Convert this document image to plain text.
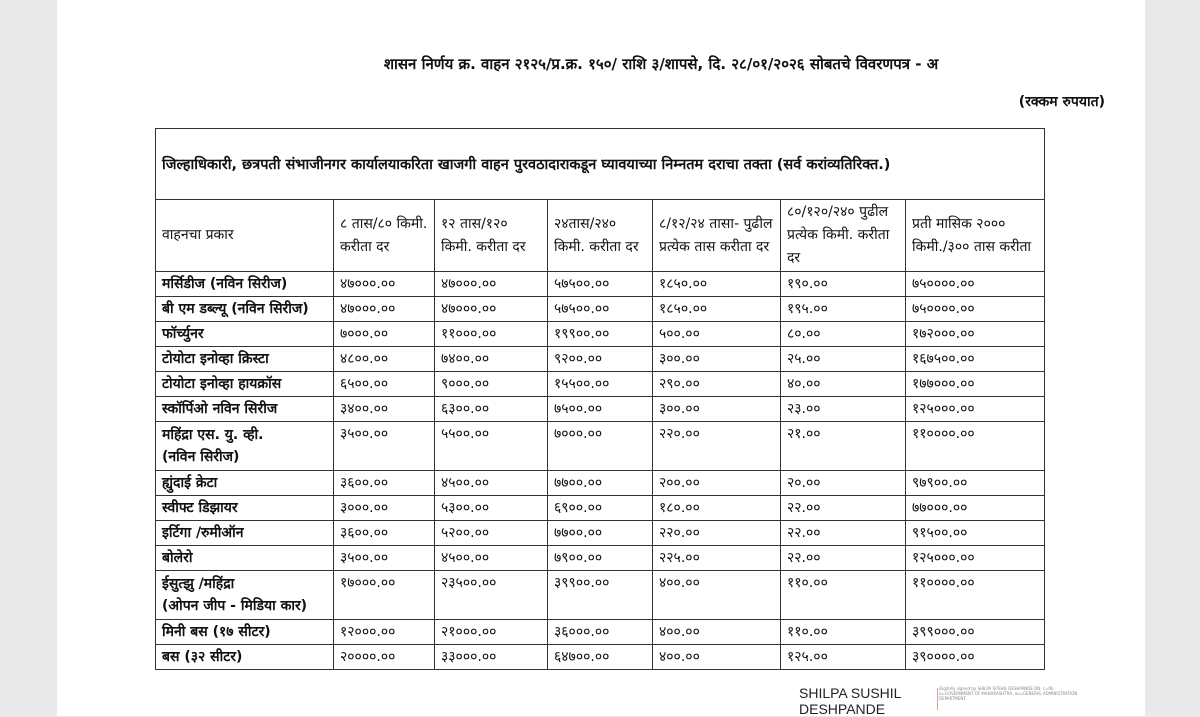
शासन निर्णय क्र. वाहन २१२५/प्र.क्र. १५०/ राशि ३/शापसे, दि. २८/०१/२०२६ सोबतचे विवरणपत्र - अ
(रक्कम रुपयात)
जिल्हाधिकारी, छत्रपती संभाजीनगर कार्यालयाकरिता खाजगी वाहन पुरवठादाराकडून घ्यावयाच्या निम्नतम दराचा तक्ता (सर्व करांव्यतिरिक्त.)						
वाहनचा प्रकार	८ तास/८० किमी. करीता दर	१२ तास/१२० किमी. करीता दर	२४तास/२४० किमी. करीता दर	८/१२/२४ तासा- पुढील प्रत्येक तास करीता दर	८०/१२०/२४० पुढील प्रत्येक किमी. करीता दर	प्रती मासिक २००० किमी./३०० तास करीता

मर्सिडीज (नविन सिरीज)	४७०००.००	४७०००.००	५७५००.००	१८५०.००	१९०.००	७५००००.००

बी एम डब्ल्यू (नविन सिरीज)	४७०००.००	४७०००.००	५७५००.००	१८५०.००	१९५.००	७५००००.००

फॉर्च्युनर	७०००.००	११०००.००	१९९००.००	५००.००	८०.००	१७२०००.००

टोयोटा इनोव्हा क्रिस्टा	४८००.००	७४००.००	९२००.००	३००.००	२५.००	१६७५००.००

टोयोटा इनोव्हा हायक्रॉस	६५००.००	९०००.००	१५५००.००	२९०.००	४०.००	१७७०००.००

स्कॉर्पिओ नविन सिरीज	३४००.००	६३००.००	७५००.००	३००.००	२३.००	१२५०००.००

महिंद्रा एस. यु. व्ही.
(नविन सिरीज)	३५००.००	५५००.००	७०००.००	२२०.००	२१.००	११००००.००

ह्युंदाई क्रेटा	३६००.००	४५००.००	७७००.००	२००.००	२०.००	९७९००.००

स्वीफ्ट डिझायर	३०००.००	५३००.००	६९००.००	१८०.००	२२.००	७७०००.००

इर्टिगा /रुमीऑन	३६००.००	५२००.००	७७००.००	२२०.००	२२.००	९१५००.००

बोलेरो	३५००.००	४५००.००	७९००.००	२२५.००	२२.००	१२५०००.००

ईसुत्झु /महिंद्रा
(ओपन जीप - मिडिया कार)	१७०००.००	२३५००.००	३९९००.००	४००.००	११०.००	११००००.००

मिनी बस (१७ सीटर)	१२०००.००	२१०००.००	३६०००.००	४००.००	११०.००	३९९०००.००

बस (३२ सीटर)	२००००.००	३३०००.००	६४७००.००	४००.००	१२५.००	३९००००.००
SHILPA SUSHIL
DESHPANDE
Digitally signed by SHILPA SUSHIL DESHPANDE DN: c=IN, o=GOVERNMENT OF MAHARASHTRA, ou=GENERAL ADMINISTRATION DEPARTMENT
